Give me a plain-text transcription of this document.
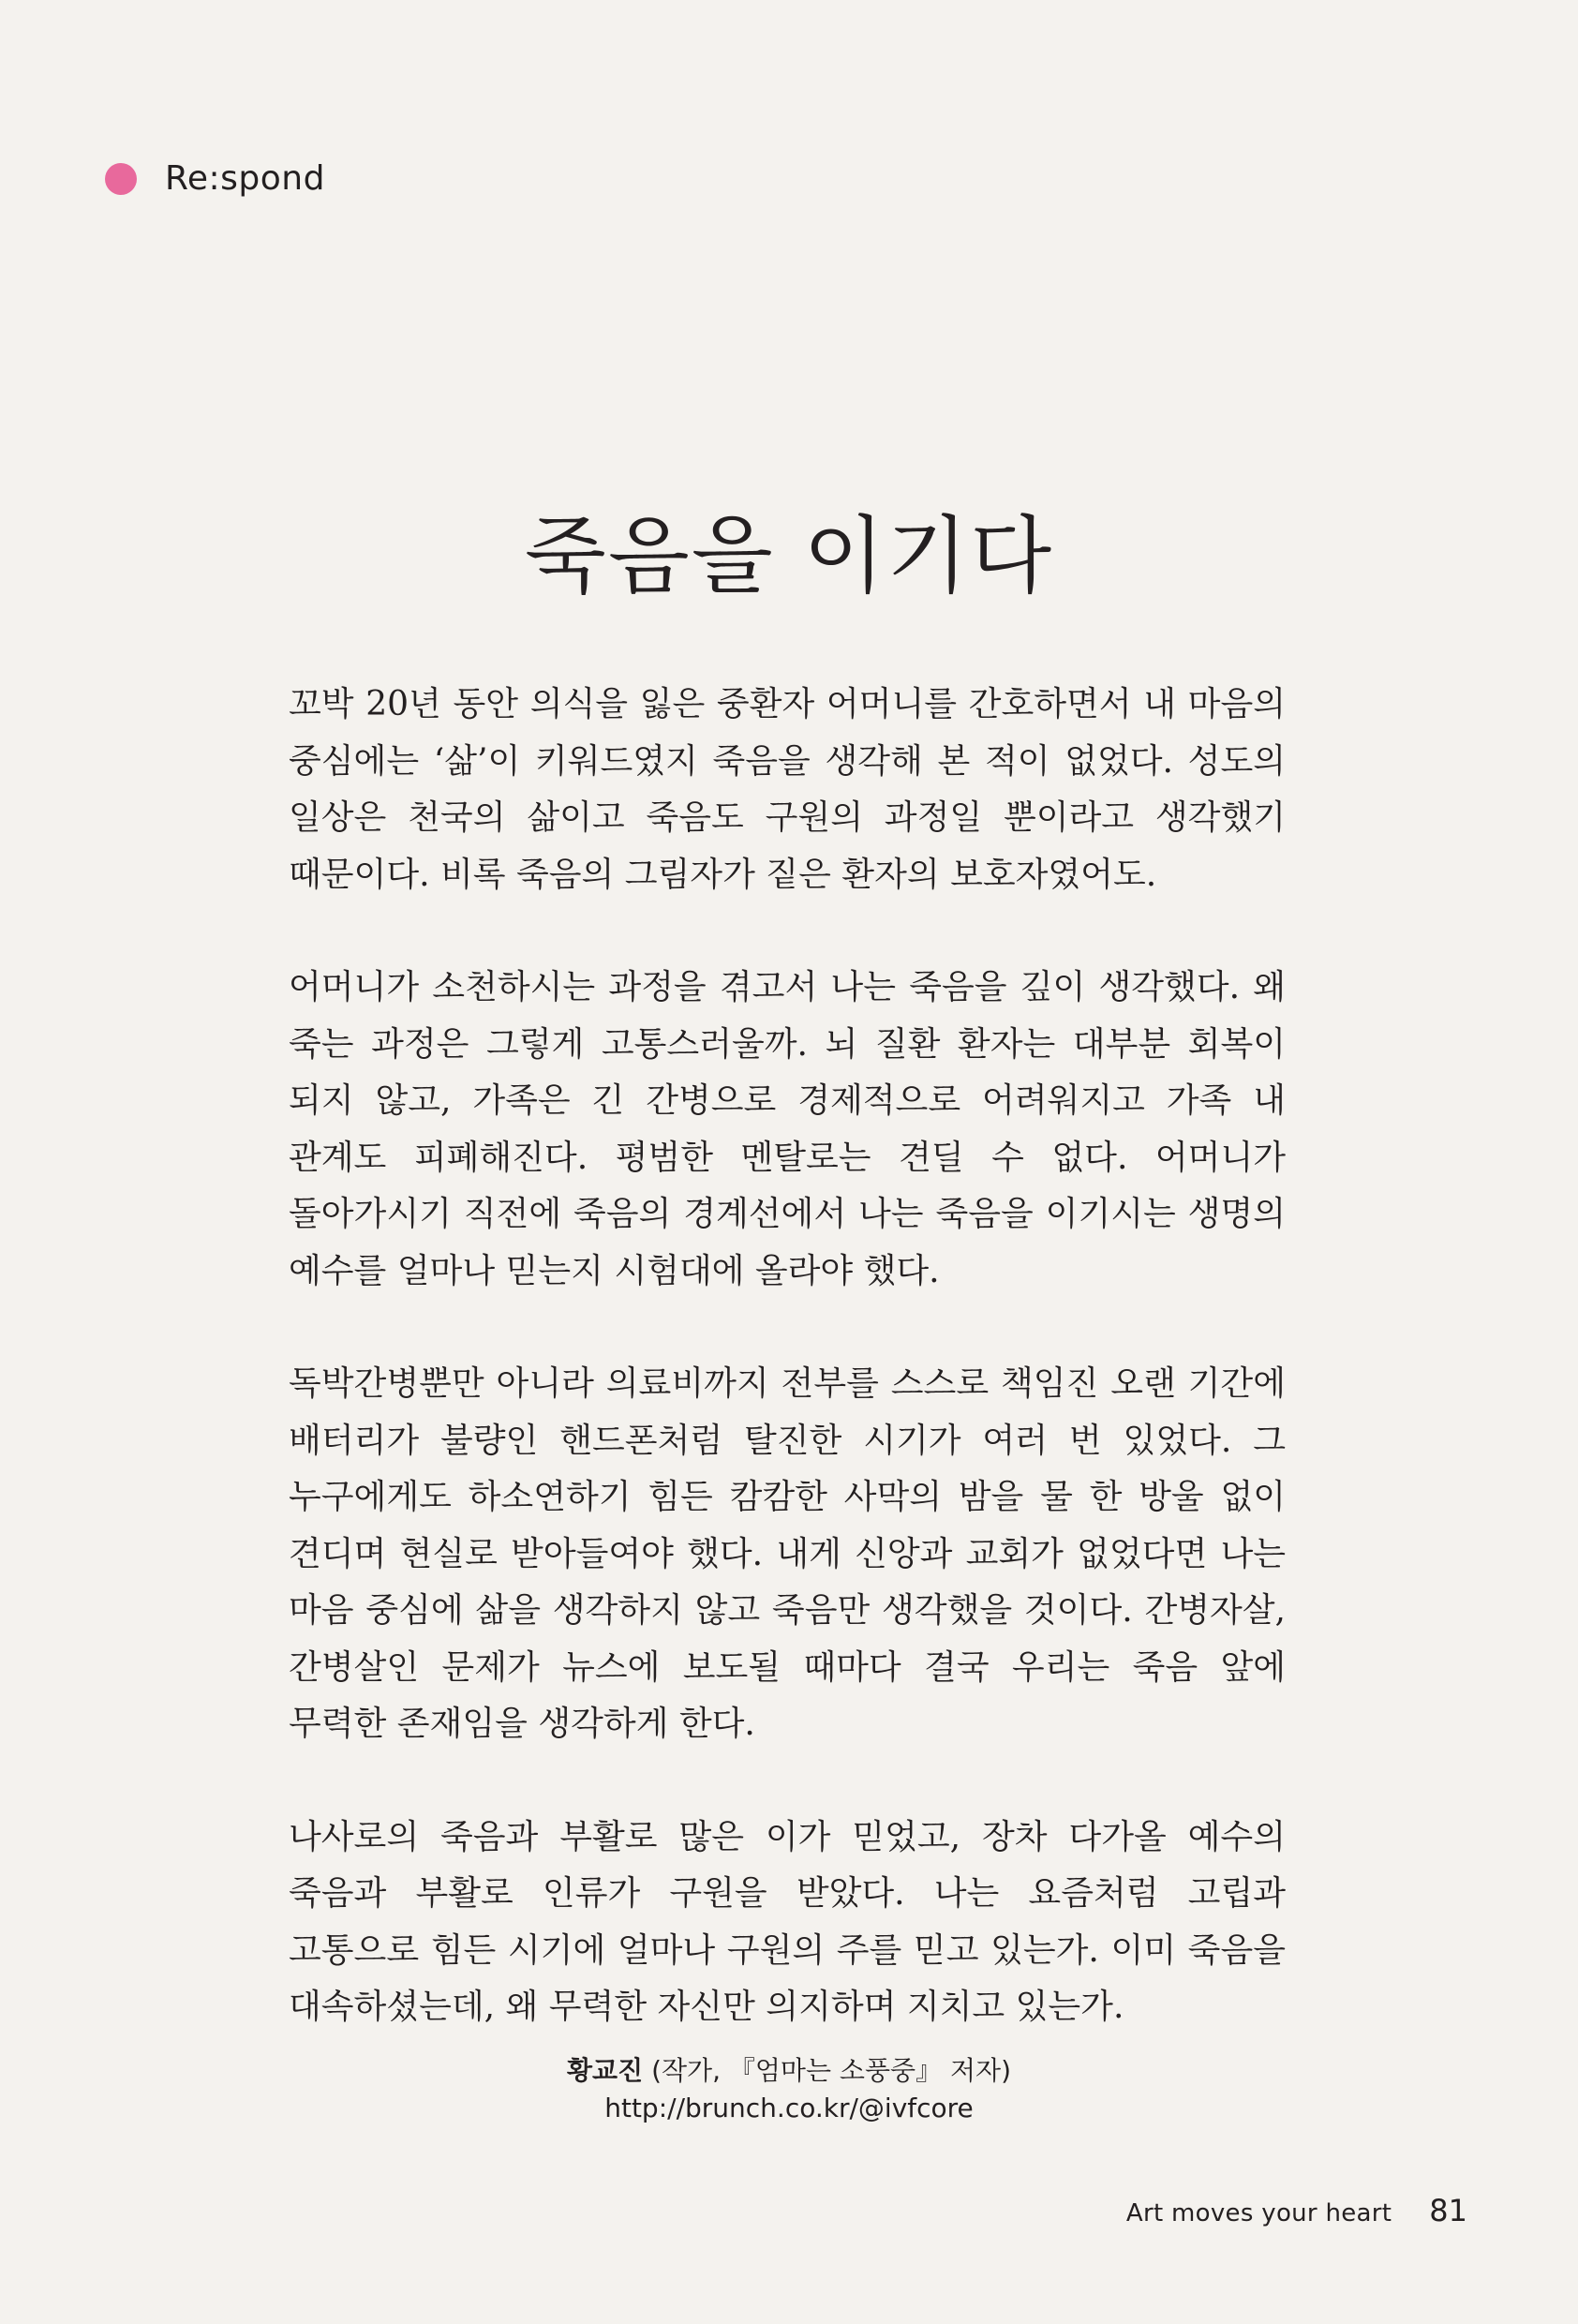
Re:spond
죽음을 이기다

꼬박 20년 동안 의식을 잃은 중환자 어머니를 간호하면서 내 마음의 중심에는 ‘삶’이 키워드였지 죽음을 생각해 본 적이 없었다. 성도의 일상은 천국의 삶이고 죽음도 구원의 과정일 뿐이라고 생각했기 때문이다. 비록 죽음의 그림자가 짙은 환자의 보호자였어도.

어머니가 소천하시는 과정을 겪고서 나는 죽음을 깊이 생각했다. 왜 죽는 과정은 그렇게 고통스러울까. 뇌 질환 환자는 대부분 회복이 되지 않고, 가족은 긴 간병으로 경제적으로 어려워지고 가족 내 관계도 피폐해진다. 평범한 멘탈로는 견딜 수 없다. 어머니가 돌아가시기 직전에 죽음의 경계선에서 나는 죽음을 이기시는 생명의 예수를 얼마나 믿는지 시험대에 올라야 했다.

독박간병뿐만 아니라 의료비까지 전부를 스스로 책임진 오랜 기간에 배터리가 불량인 핸드폰처럼 탈진한 시기가 여러 번 있었다. 그 누구에게도 하소연하기 힘든 캄캄한 사막의 밤을 물 한 방울 없이 견디며 현실로 받아들여야 했다. 내게 신앙과 교회가 없었다면 나는 마음 중심에 삶을 생각하지 않고 죽음만 생각했을 것이다. 간병자살, 간병살인 문제가 뉴스에 보도될 때마다 결국 우리는 죽음 앞에 무력한 존재임을 생각하게 한다.

나사로의 죽음과 부활로 많은 이가 믿었고, 장차 다가올 예수의 죽음과 부활로 인류가 구원을 받았다. 나는 요즘처럼 고립과 고통으로 힘든 시기에 얼마나 구원의 주를 믿고 있는가. 이미 죽음을 대속하셨는데, 왜 무력한 자신만 의지하며 지치고 있는가.

황교진 (작가, 『엄마는 소풍중』 저자)
http://brunch.co.kr/@ivfcore
Art moves your heart 81
